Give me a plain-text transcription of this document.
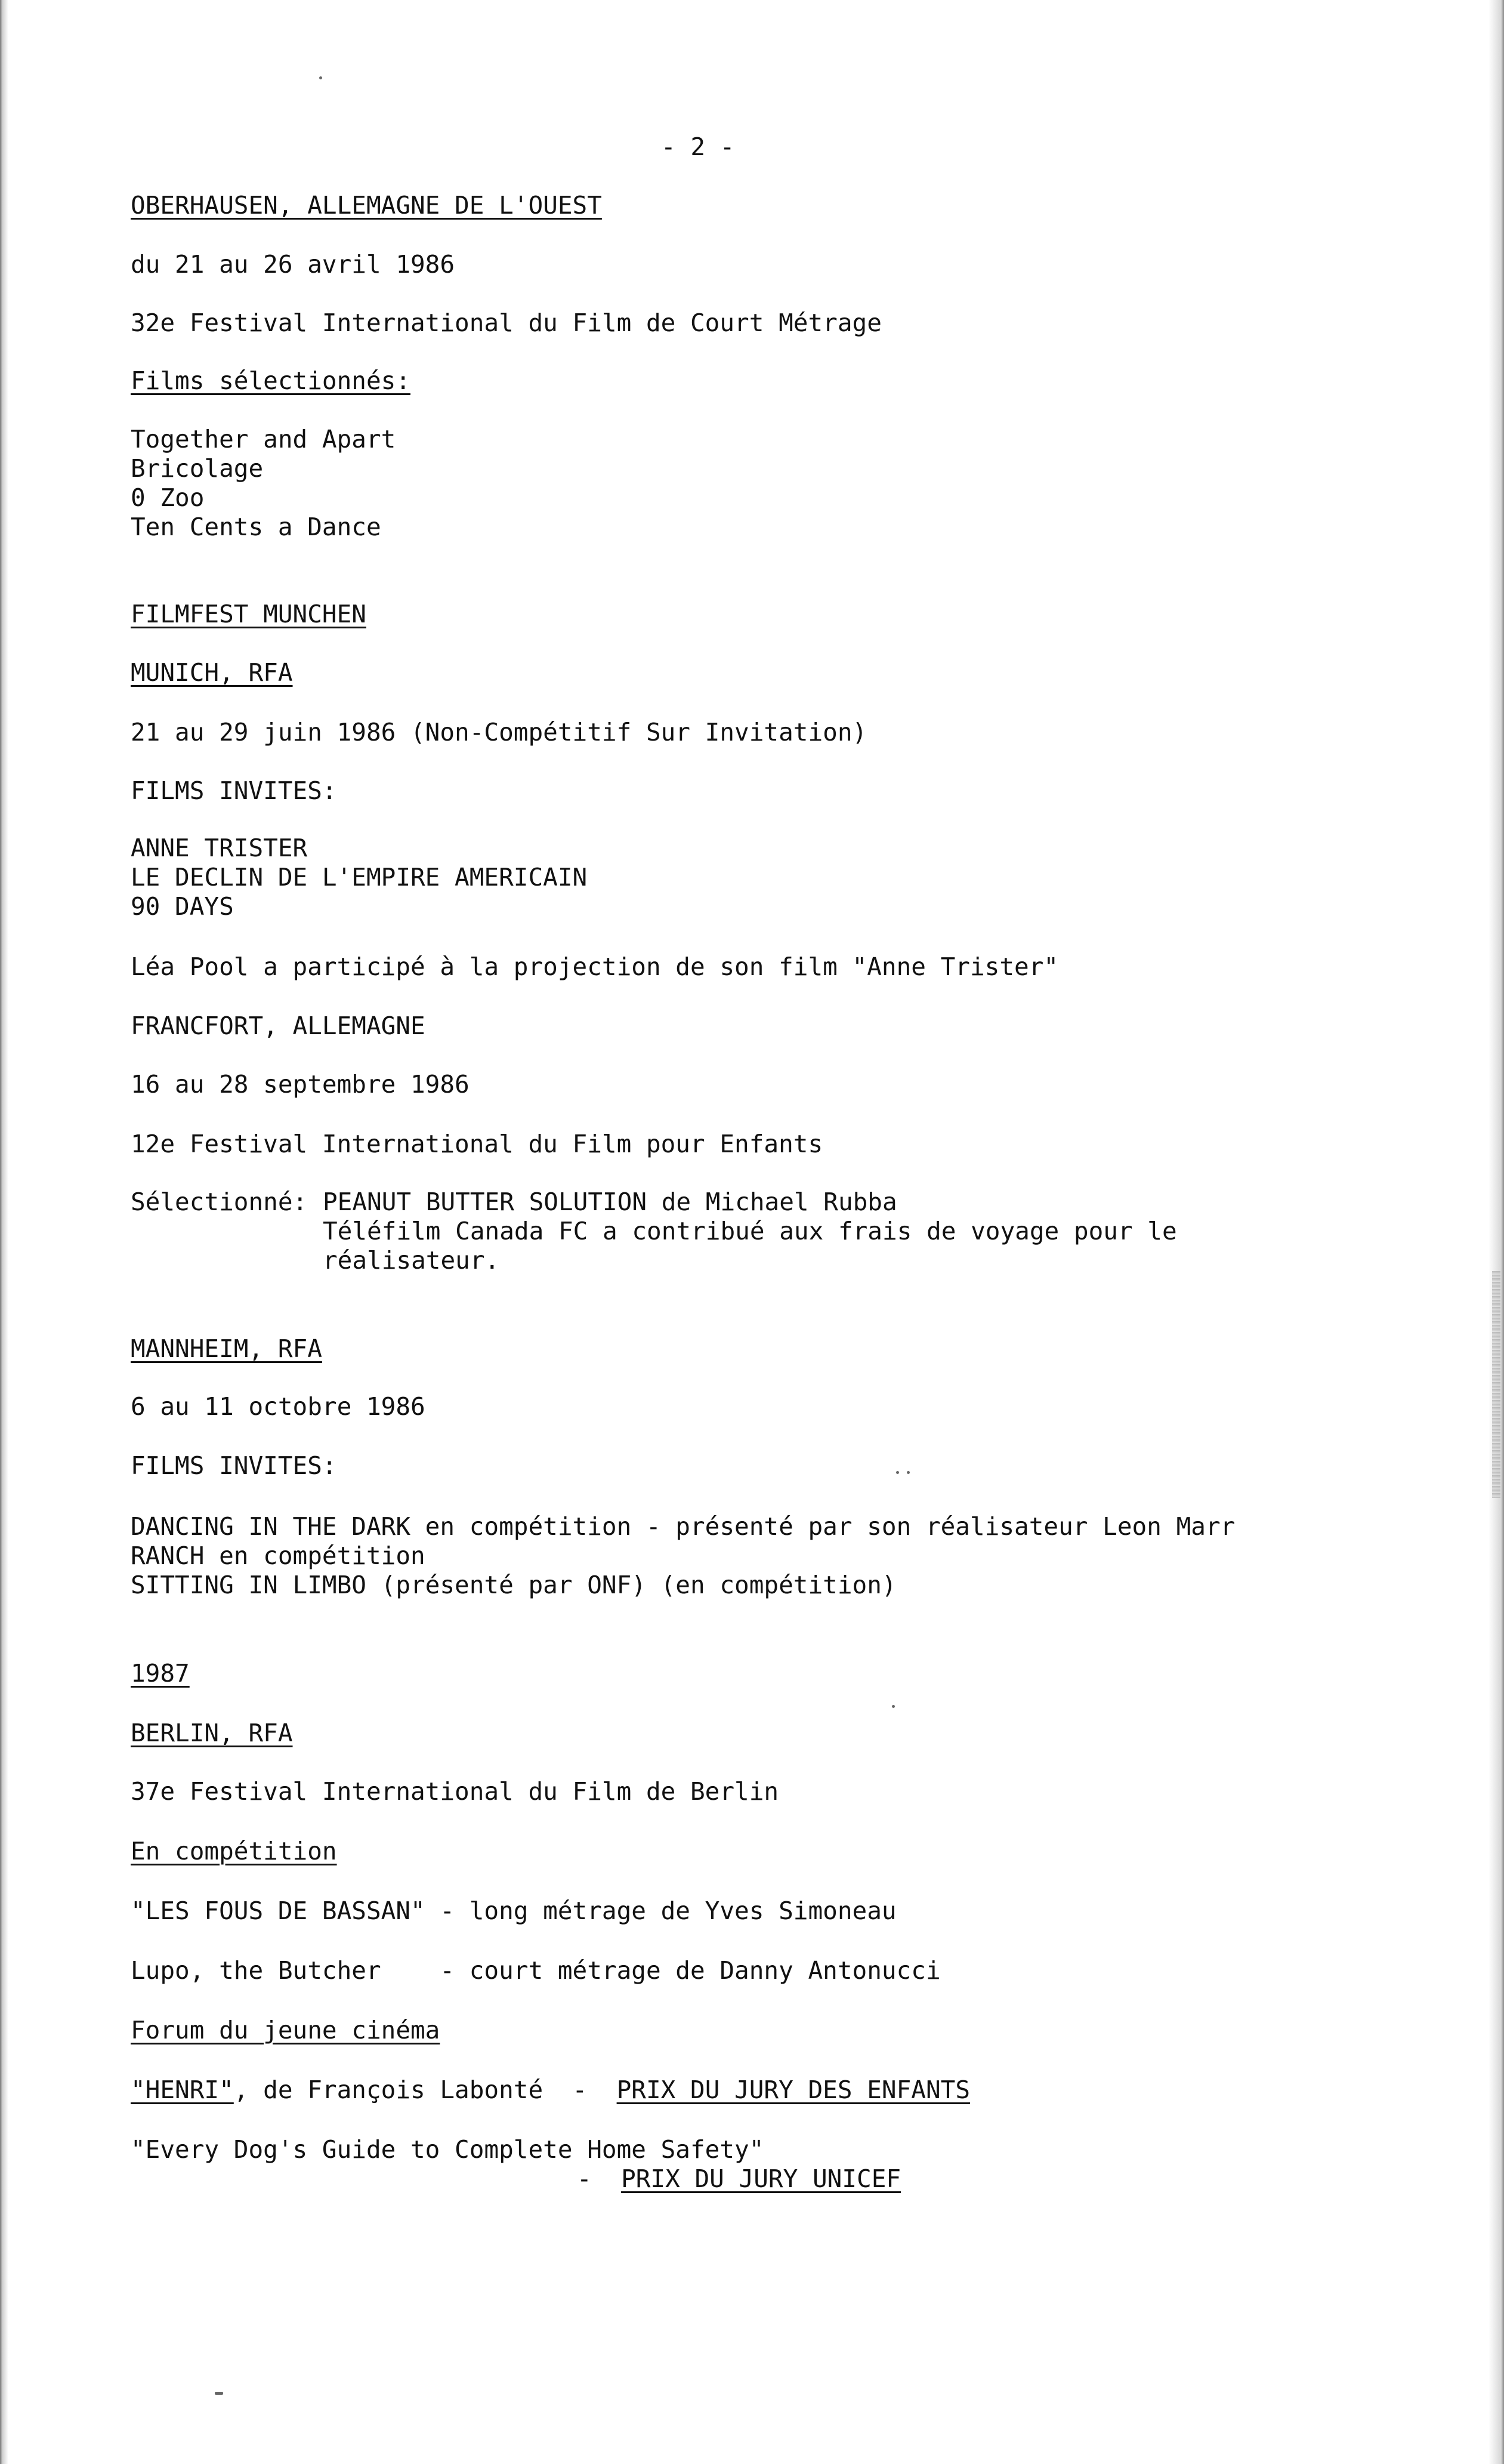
- 2 -

OBERHAUSEN, ALLEMAGNE DE L'OUEST

du 21 au 26 avril 1986

32e Festival International du Film de Court Métrage

Films sélectionnés:

Together and Apart

Bricolage

0 Zoo

Ten Cents a Dance

FILMFEST MUNCHEN

MUNICH, RFA

21 au 29 juin 1986 (Non-Compétitif Sur Invitation)

FILMS INVITES:

ANNE TRISTER

LE DECLIN DE L'EMPIRE AMERICAIN

90 DAYS

Léa Pool a participé à la projection de son film "Anne Trister"

FRANCFORT, ALLEMAGNE

16 au 28 septembre 1986

12e Festival International du Film pour Enfants

Sélectionné: PEANUT BUTTER SOLUTION de Michael Rubba

Téléfilm Canada FC a contribué aux frais de voyage pour le

réalisateur.

MANNHEIM, RFA

6 au 11 octobre 1986

FILMS INVITES:

DANCING IN THE DARK en compétition - présenté par son réalisateur Leon Marr

RANCH en compétition

SITTING IN LIMBO (présenté par ONF) (en compétition)

1987

BERLIN, RFA

37e Festival International du Film de Berlin

En compétition

"LES FOUS DE BASSAN" - long métrage de Yves Simoneau

Lupo, the Butcher    - court métrage de Danny Antonucci

Forum du jeune cinéma

"HENRI", de François Labonté  -  PRIX DU JURY DES ENFANTS

"Every Dog's Guide to Complete Home Safety"

-  PRIX DU JURY UNICEF
